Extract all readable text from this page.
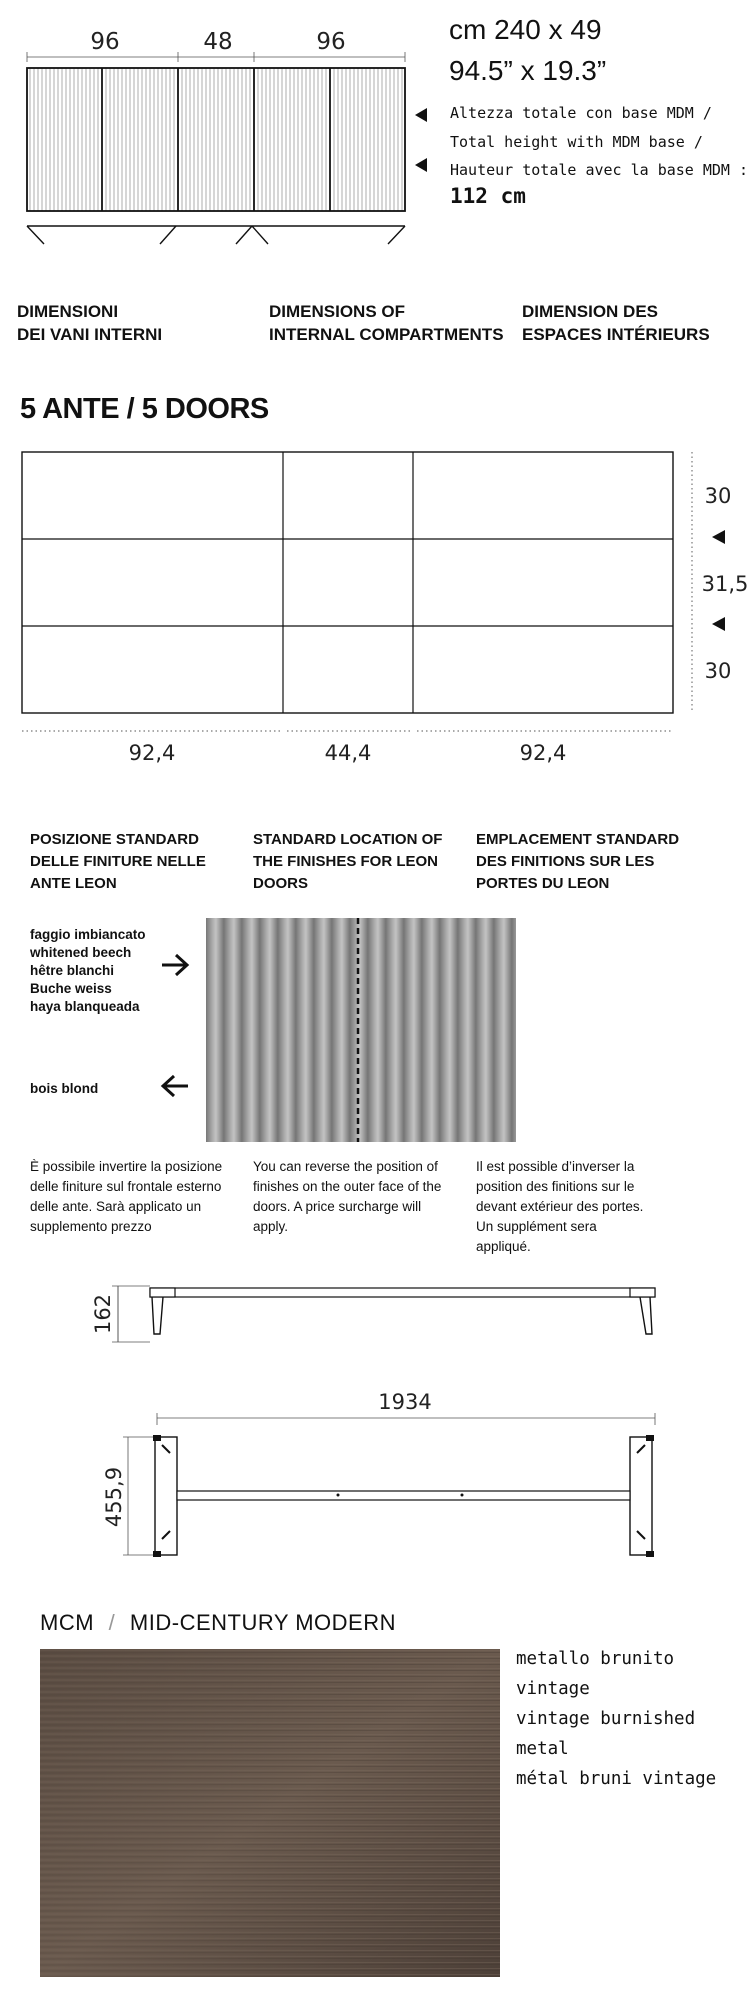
96	48	96	cm 240 x 49
94.5” x 19.3”
Altezza totale con base MDM /
Total height with MDM base /
Hauteur totale avec la base MDM :
112 cm
DIMENSIONI
DEI VANI INTERNI
DIMENSIONS OF
INTERNAL COMPARTMENTS
DIMENSION DES
ESPACES INTÉRIEURS
5 ANTE / 5 DOORS
30
31,5
30
92,4	44,4	92,4
POSIZIONE STANDARD
DELLE FINITURE NELLE
ANTE LEON
STANDARD LOCATION OF
THE FINISHES FOR LEON
DOORS
EMPLACEMENT STANDARD
DES FINITIONS SUR LES
PORTES DU LEON
faggio imbiancato
whitened beech
hêtre blanchi
Buche weiss
haya blanqueada
bois blond
È possibile invertire la posizione
delle finiture sul frontale esterno
delle ante. Sarà applicato un
supplemento prezzo
You can reverse the position of
finishes on the outer face of the
doors. A price surcharge will
apply.
Il est possible d’inverser la
position des finitions sur le
devant extérieur des portes.
Un supplément sera
appliqué.
162
1934
455,9
MCM / MID-CENTURY MODERN
metallo brunito vintage
vintage burnished metal
métal bruni vintage
